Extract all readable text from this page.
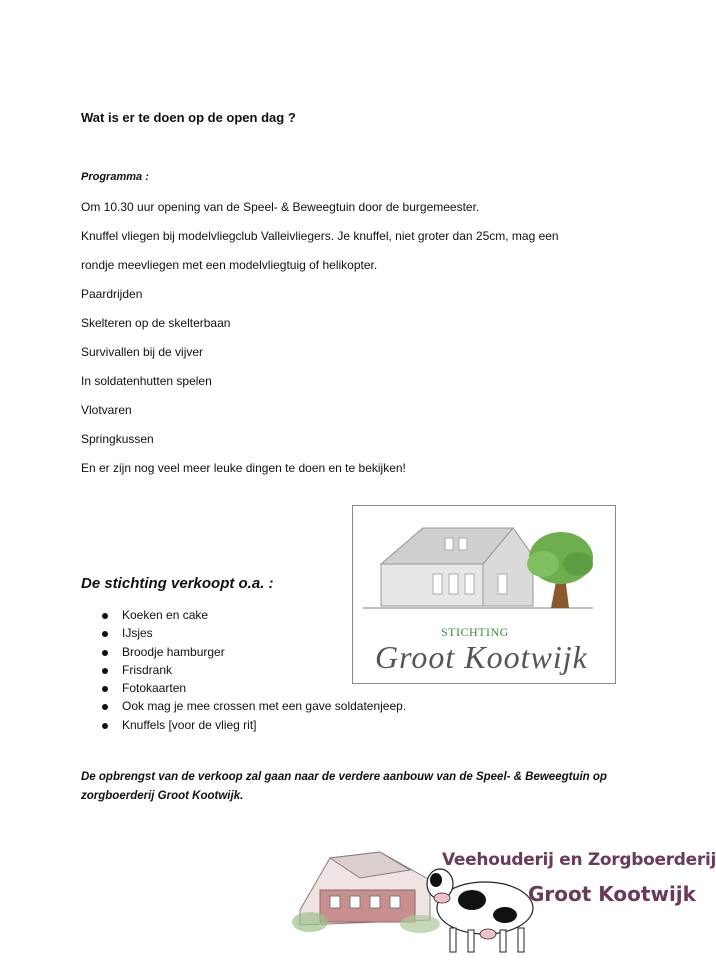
Wat is er te doen op de open dag ?
Programma :
Om 10.30 uur opening van de Speel- & Beweegtuin door de burgemeester.
Knuffel vliegen bij modelvliegclub Valleivliegers. Je knuffel, niet groter dan 25cm, mag een
rondje meevliegen met een modelvliegtuig of helikopter.
Paardrijden
Skelteren op de skelterbaan
Survivallen bij de vijver
In soldatenhutten spelen
Vlotvaren
Springkussen
En er zijn nog veel meer leuke dingen te doen en te bekijken!
STICHTING
Groot Kootwijk
De stichting verkoopt o.a. :
Koeken en cake
IJsjes
Broodje hamburger
Frisdrank
Fotokaarten
Ook mag je mee crossen met een gave soldatenjeep.
Knuffels [voor de vlieg rit]
De opbrengst van de verkoop zal gaan naar de verdere aanbouw van de Speel- & Beweegtuin op zorgboerderij Groot Kootwijk.
Veehouderij en Zorgboerderij
Groot Kootwijk
